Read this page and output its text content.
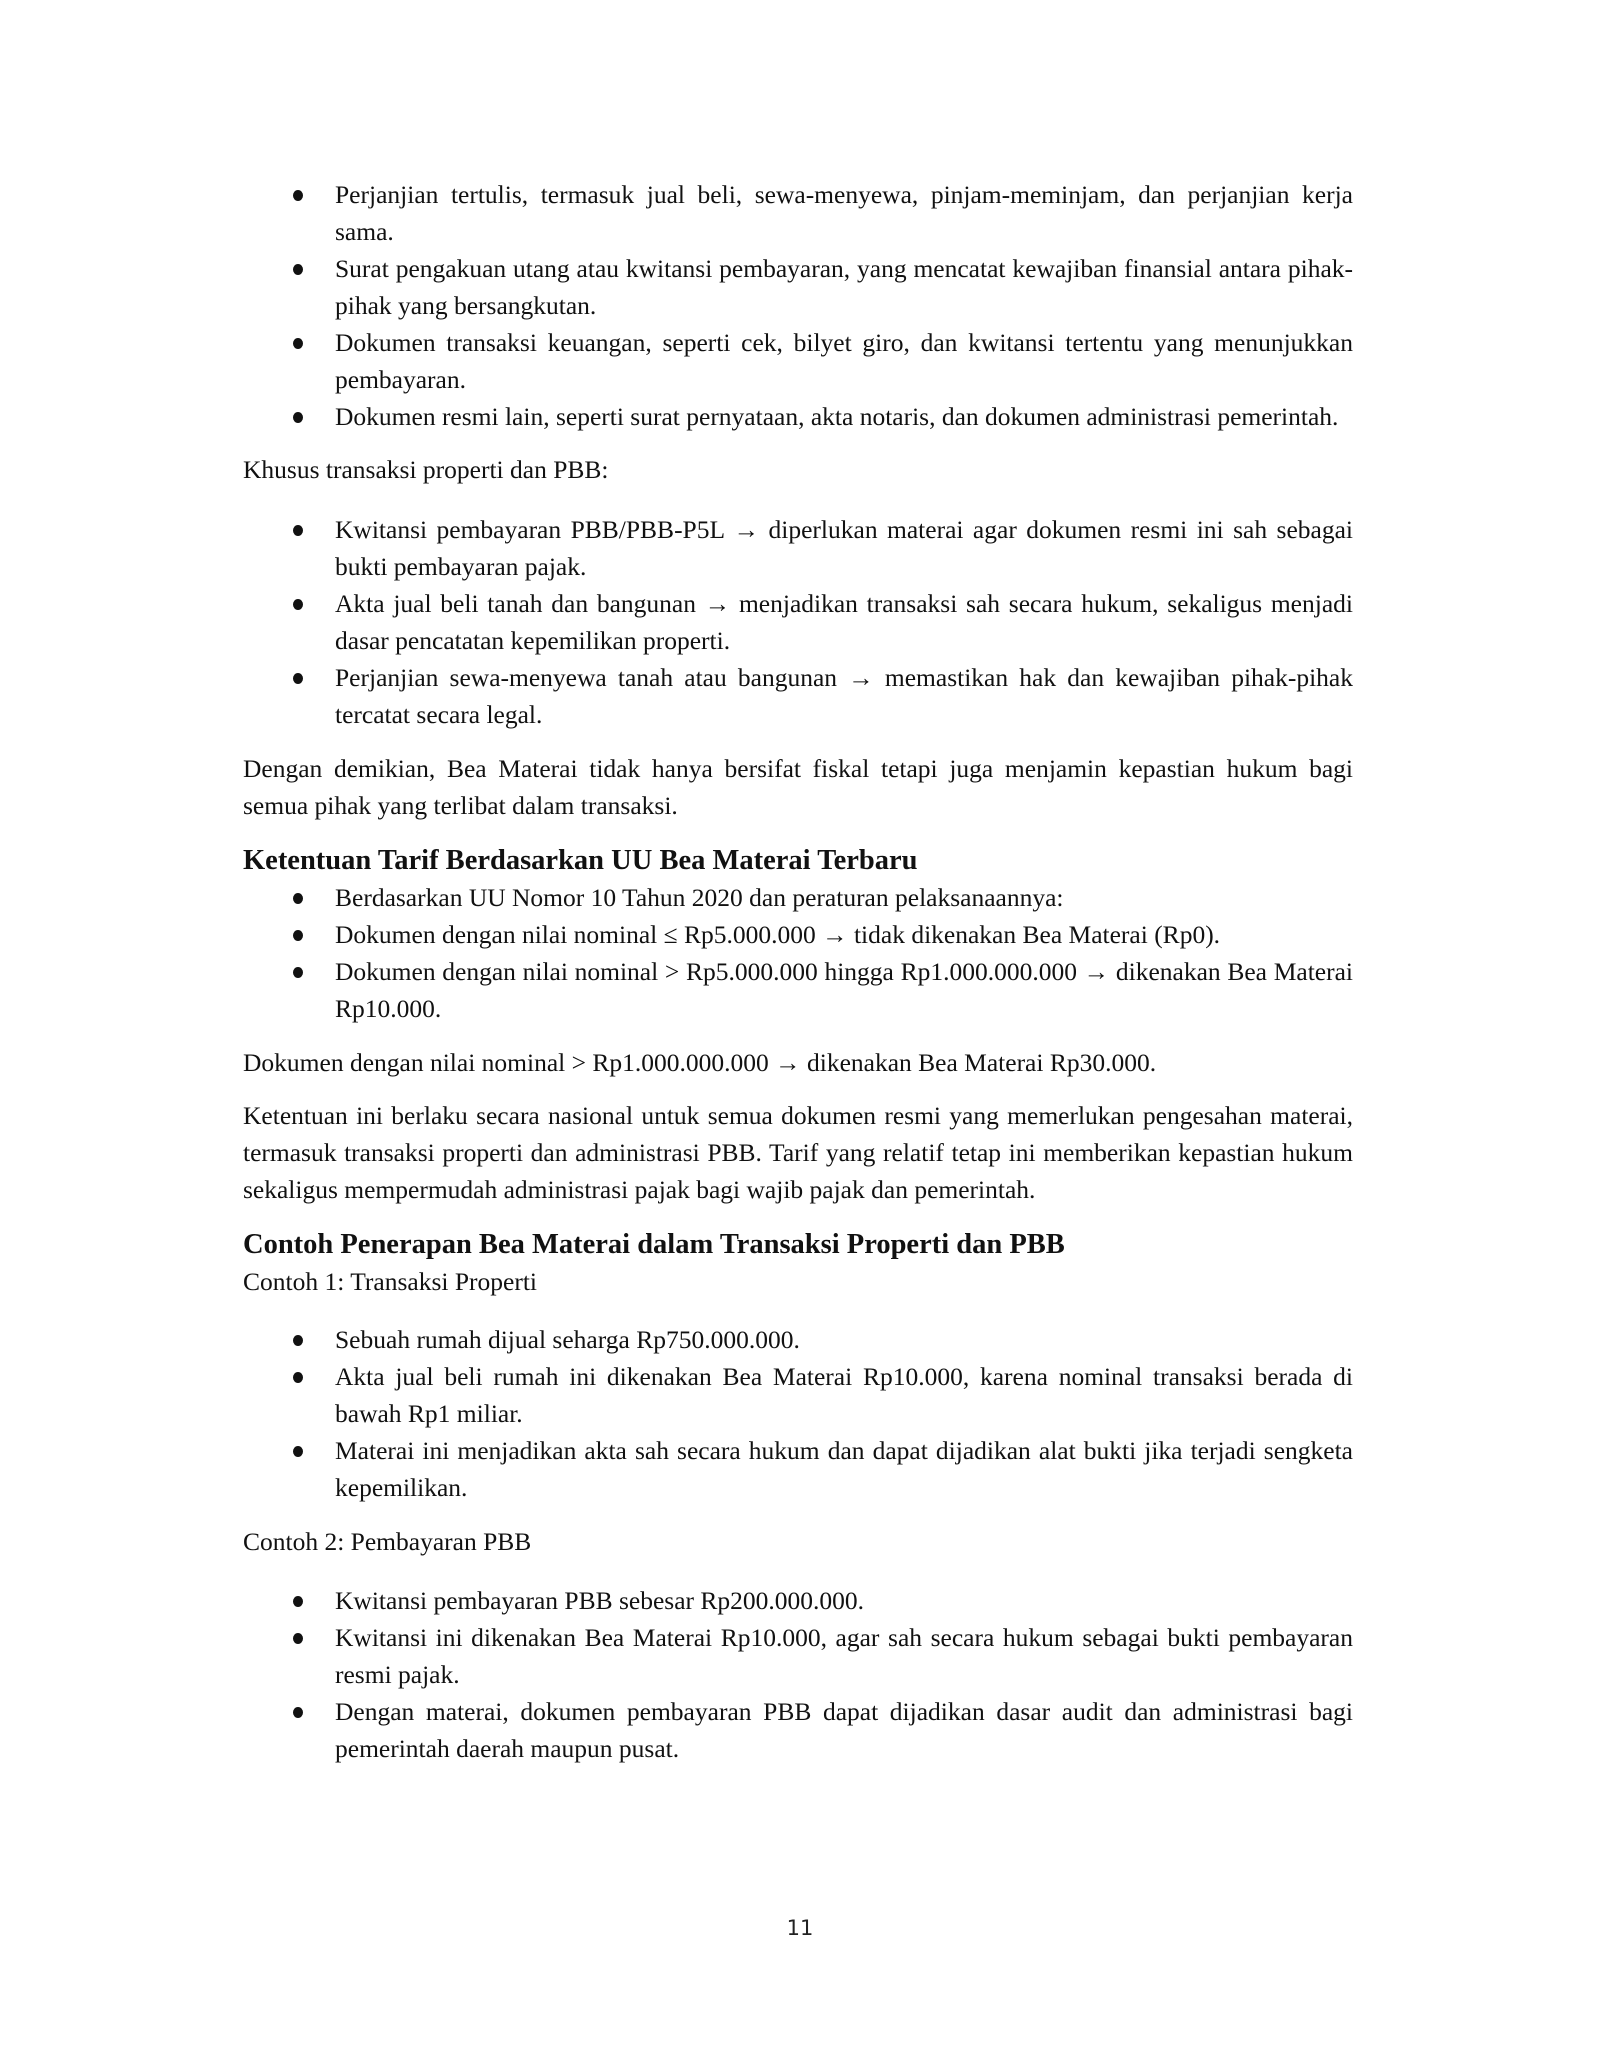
Perjanjian tertulis, termasuk jual beli, sewa-menyewa, pinjam-meminjam, dan perjanjian kerja sama.
Surat pengakuan utang atau kwitansi pembayaran, yang mencatat kewajiban finansial antara pihak-pihak yang bersangkutan.
Dokumen transaksi keuangan, seperti cek, bilyet giro, dan kwitansi tertentu yang menunjukkan pembayaran.
Dokumen resmi lain, seperti surat pernyataan, akta notaris, dan dokumen administrasi pemerintah.

Khusus transaksi properti dan PBB:

Kwitansi pembayaran PBB/PBB-P5L → diperlukan materai agar dokumen resmi ini sah sebagai bukti pembayaran pajak.
Akta jual beli tanah dan bangunan → menjadikan transaksi sah secara hukum, sekaligus menjadi dasar pencatatan kepemilikan properti.
Perjanjian sewa-menyewa tanah atau bangunan → memastikan hak dan kewajiban pihak-pihak tercatat secara legal.

Dengan demikian, Bea Materai tidak hanya bersifat fiskal tetapi juga menjamin kepastian hukum bagi semua pihak yang terlibat dalam transaksi.

Ketentuan Tarif Berdasarkan UU Bea Materai Terbaru
Berdasarkan UU Nomor 10 Tahun 2020 dan peraturan pelaksanaannya:
Dokumen dengan nilai nominal ≤ Rp5.000.000 → tidak dikenakan Bea Materai (Rp0).
Dokumen dengan nilai nominal > Rp5.000.000 hingga Rp1.000.000.000 → dikenakan Bea Materai Rp10.000.

Dokumen dengan nilai nominal > Rp1.000.000.000 → dikenakan Bea Materai Rp30.000.

Ketentuan ini berlaku secara nasional untuk semua dokumen resmi yang memerlukan pengesahan materai, termasuk transaksi properti dan administrasi PBB. Tarif yang relatif tetap ini memberikan kepastian hukum sekaligus mempermudah administrasi pajak bagi wajib pajak dan pemerintah.

Contoh Penerapan Bea Materai dalam Transaksi Properti dan PBB

Contoh 1: Transaksi Properti

Sebuah rumah dijual seharga Rp750.000.000.
Akta jual beli rumah ini dikenakan Bea Materai Rp10.000, karena nominal transaksi berada di bawah Rp1 miliar.
Materai ini menjadikan akta sah secara hukum dan dapat dijadikan alat bukti jika terjadi sengketa kepemilikan.

Contoh 2: Pembayaran PBB

Kwitansi pembayaran PBB sebesar Rp200.000.000.
Kwitansi ini dikenakan Bea Materai Rp10.000, agar sah secara hukum sebagai bukti pembayaran resmi pajak.
Dengan materai, dokumen pembayaran PBB dapat dijadikan dasar audit dan administrasi bagi pemerintah daerah maupun pusat.
11
